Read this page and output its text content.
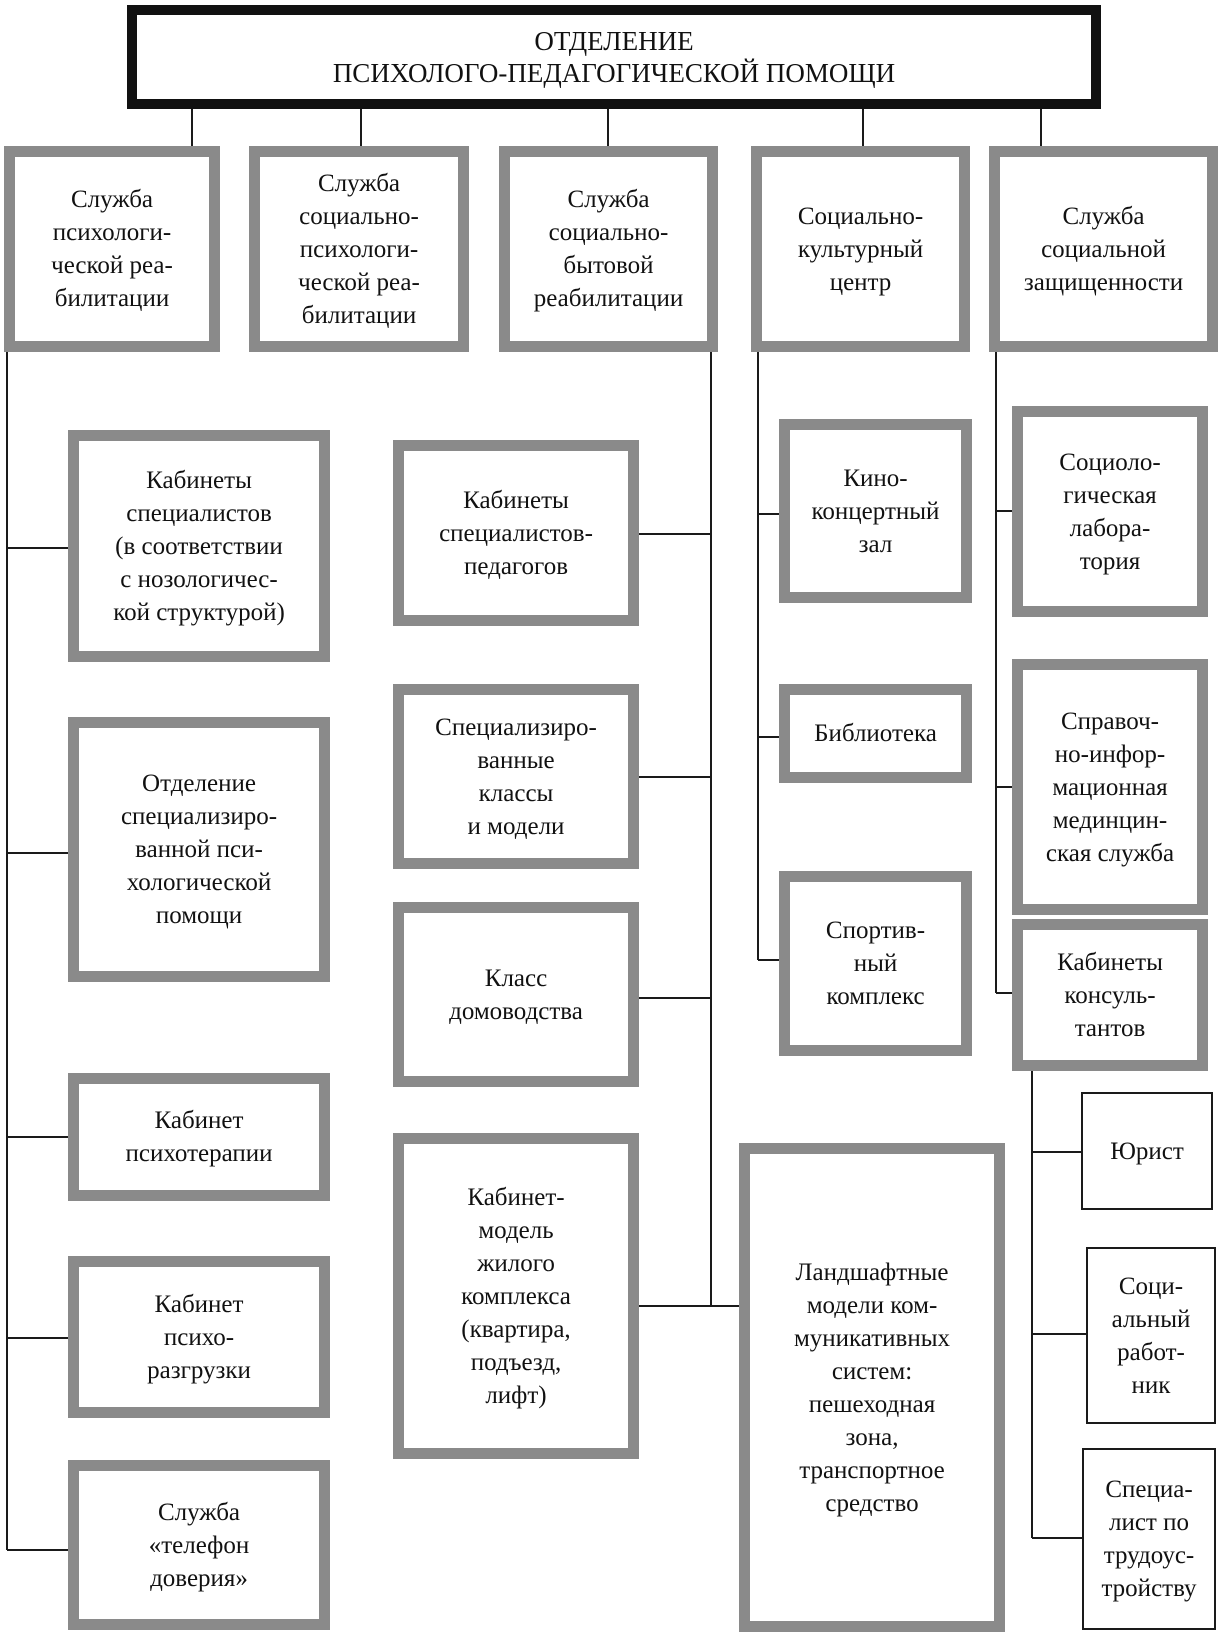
ОТДЕЛЕНИЕ
ПСИХОЛОГО-ПЕДАГОГИЧЕСКОЙ ПОМОЩИ
Служба
психологи-
ческой реа-
билитации
Служба
социально-
психологи-
ческой реа-
билитации
Служба
социально-
бытовой
реабилитации
Социально-
культурный
центр
Служба
социальной
защищенности
Кабинеты
специалистов
(в соответствии
с нозологичес-
кой структурой)
Отделение
специализиро-
ванной пси-
хологической
помощи
Кабинет
психотерапии
Кабинет
психо-
разгрузки
Служба
«телефон
доверия»
Кабинеты
специалистов-
педагогов
Специализиро-
ванные
классы
и модели
Класс
домоводства
Кабинет-
модель
жилого
комплекса
(квартира,
подъезд,
лифт)
Ландшафтные
модели ком-
муникативных
систем:
пешеходная
зона,
транспортное
средство
Кино-
концертный
зал
Библиотека
Спортив-
ный
комплекс
Социоло-
гическая
лабора-
тория
Справоч-
но-инфор-
мационная
мединцин-
ская служба
Кабинеты
консуль-
тантов
Юрист
Соци-
альный
работ-
ник
Специа-
лист по
трудоус-
тройству
